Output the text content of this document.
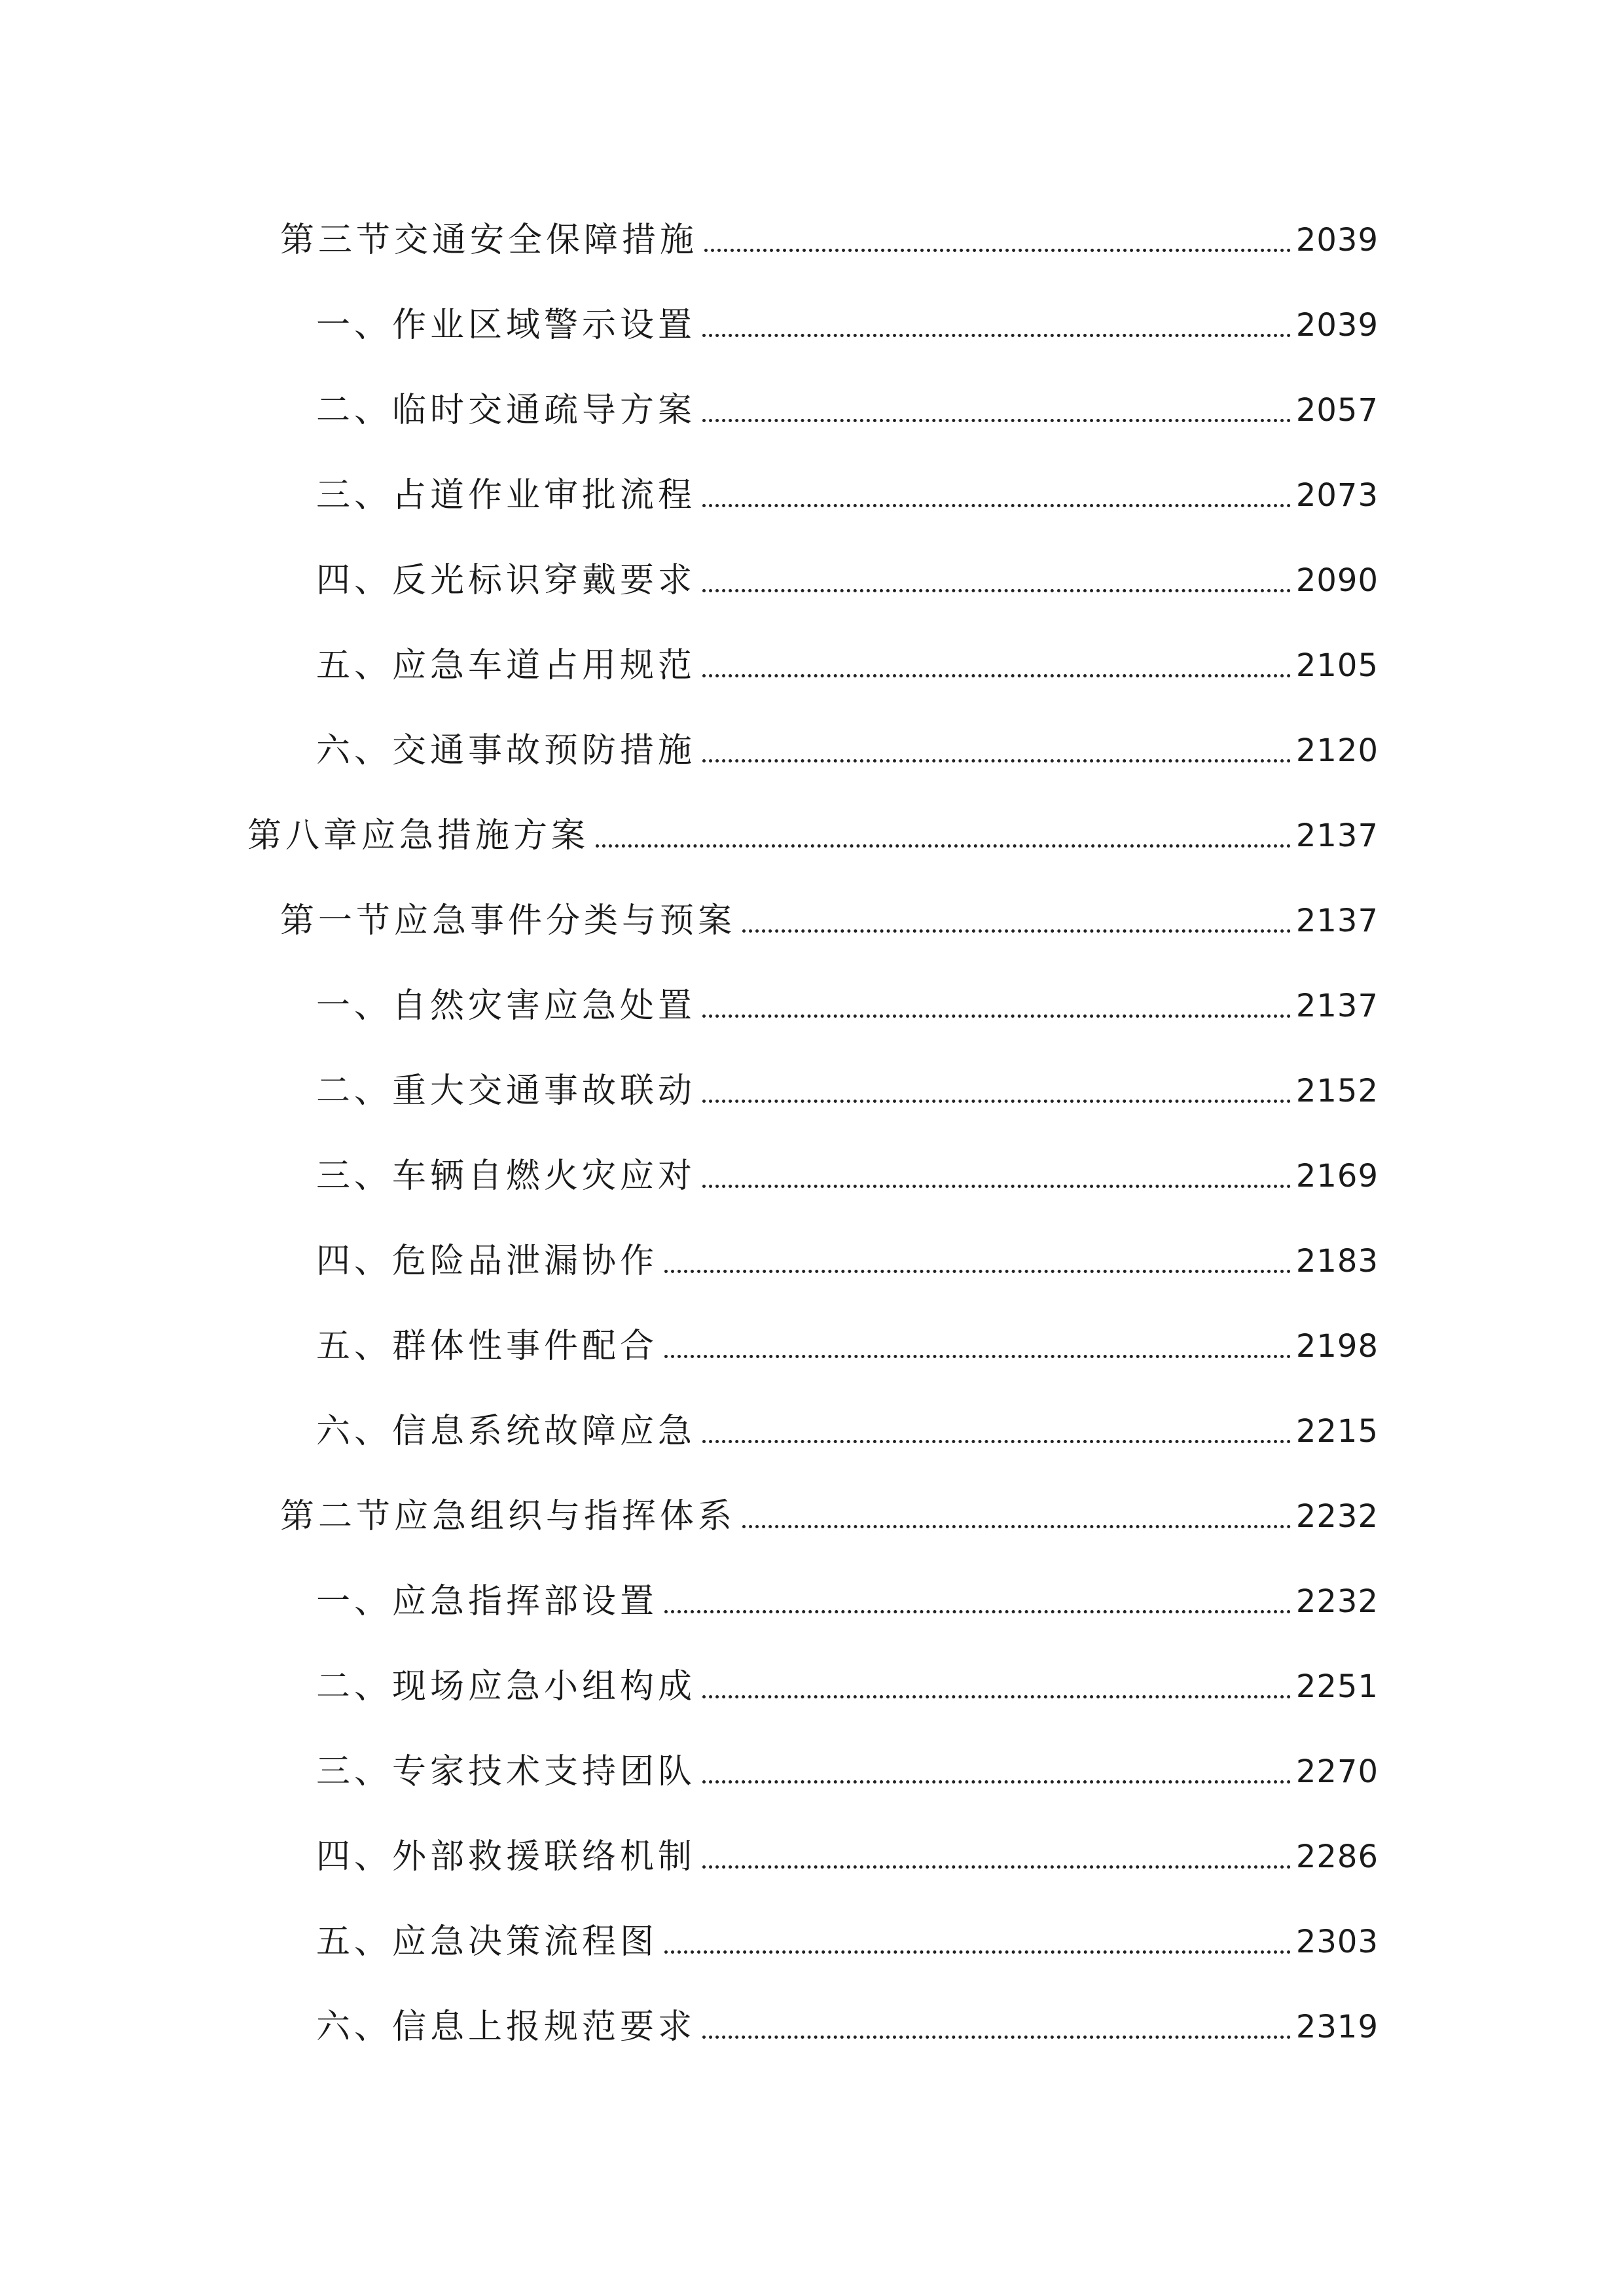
第三节交通安全保障措施	2039
一、作业区域警示设置	2039
二、临时交通疏导方案	2057
三、占道作业审批流程	2073
四、反光标识穿戴要求	2090
五、应急车道占用规范	2105
六、交通事故预防措施	2120
第八章应急措施方案	2137
第一节应急事件分类与预案	2137
一、自然灾害应急处置	2137
二、重大交通事故联动	2152
三、车辆自燃火灾应对	2169
四、危险品泄漏协作	2183
五、群体性事件配合	2198
六、信息系统故障应急	2215
第二节应急组织与指挥体系	2232
一、应急指挥部设置	2232
二、现场应急小组构成	2251
三、专家技术支持团队	2270
四、外部救援联络机制	2286
五、应急决策流程图	2303
六、信息上报规范要求	2319
